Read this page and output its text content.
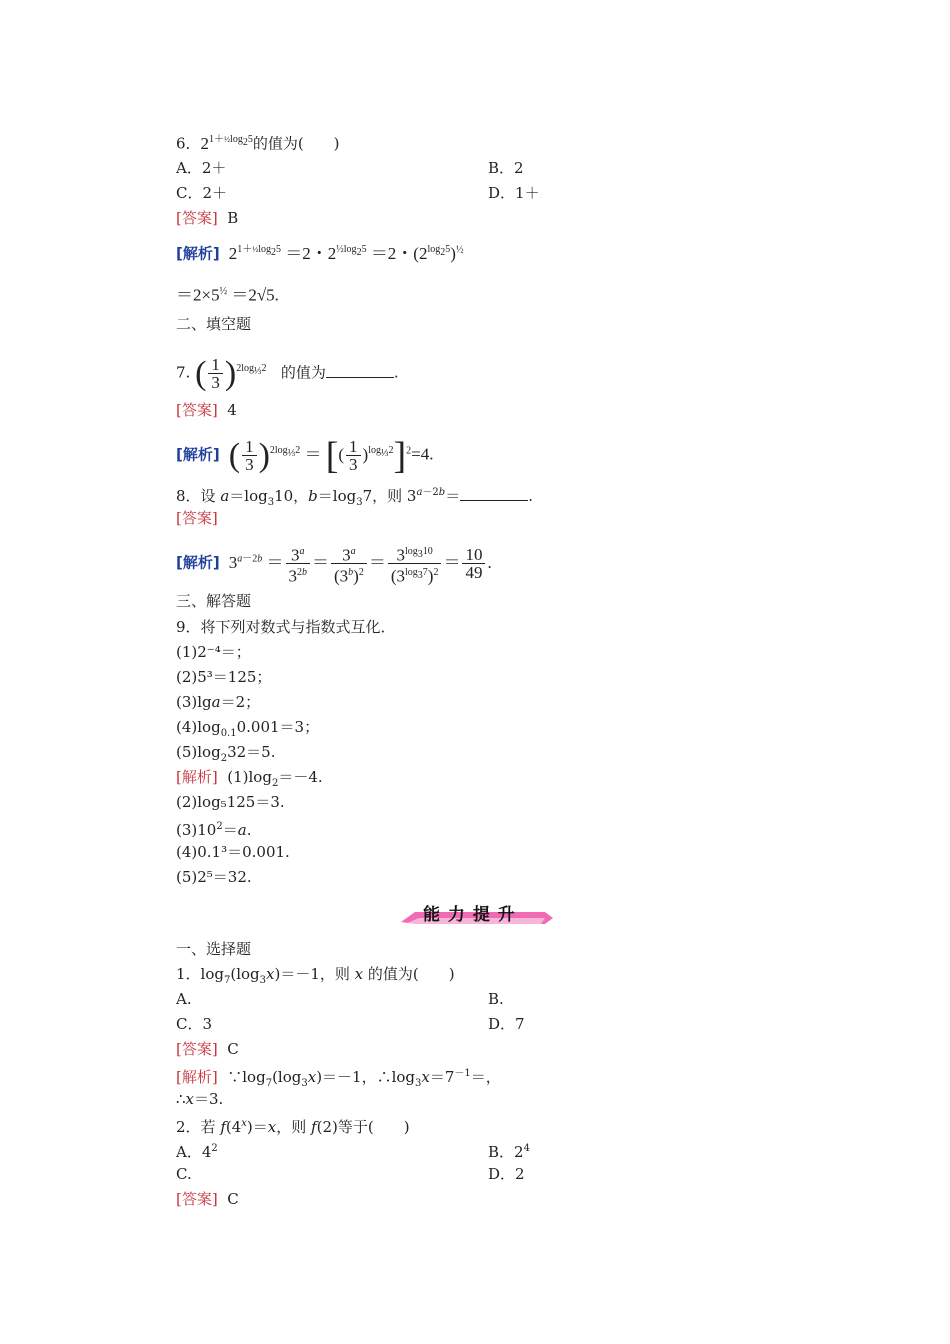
6．$2^{1+\frac{1}{2}log_25}$的值为(　　)
A．2＋	B．2
C．2＋	D．1＋
[答案] B
[解析]  $2^{1+\frac{1}{2}log_25} =2$・$2^{\frac{1}{2}log_25} =2$・$(2^{log_25})^{\frac{1}{2}}$
$=2\times 5^{\frac{1}{2}} =2√5$.
二、填空题
7. ( $\frac{1}{3} )^{2log_{\frac{1}{3}}2}$ 的值为	.
[答案] 4
[解析] ( $\frac{1}{3} )^{2log_{\frac{1}{3}}2}$ ＝ [( $\frac{1}{3} )^{log_{\frac{1}{3}}2}]^2=4$.
8．设 $a=\log_310$，$b=\log_37$，则 $3^{a-2b}=$	.
[答案]
[解析]  $3^{a-2b} = \frac{3^a}{3^{2b}} = \frac{3^a}{(3^b)^2} = \frac{3^{log_310}}{(3^{log_37})^2} = \frac{10}{49}$ .
三、解答题
9．将下列对数式与指数式互化．
(1)2⁻⁴＝；
(2)5³＝125；
(3)lga＝2；
$(4)\log_{0.1}0.001=3$；
$(5)\log_232=5$.
[解析]  $(1)\log_2=-4$.
(2)log₅125＝3.
$(3)10^2=a$.
(4)0.1³＝0.001.
(5)2⁵＝32.
能 力 提 升
一、选择题
1．$\log_7(\log_3x)=-1$，则 x 的值为(　　)
A.	B.
C．3	D．7
[答案] C
[解析]  $\because\log_7(\log_3x)=-1$，$\therefore\log_3x=7^{-1}=$，
∴x＝3.
2．若 $f(4^x)=x$，则 f(2)等于(　　)
A．$4^2$	B．$2^4$
C.	D．2
[答案] C
